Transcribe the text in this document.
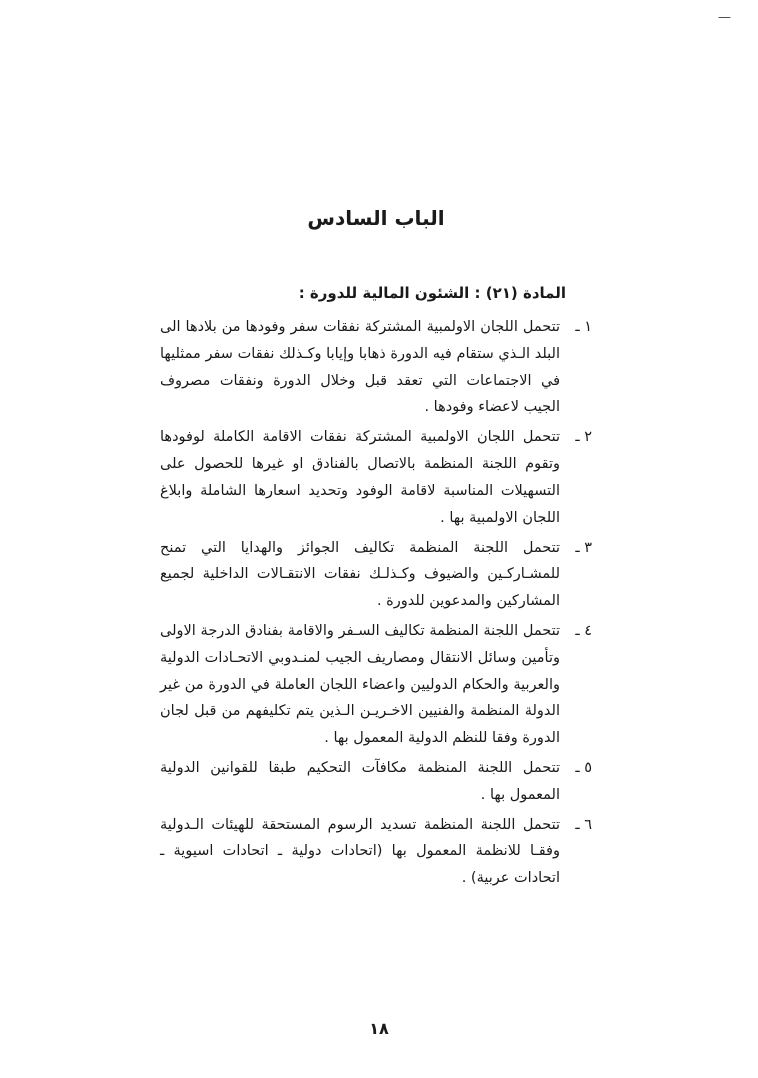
—
الباب السادس
المادة (٢١) : الشئون المالية للدورة :
١ ـ
تتحمل اللجان الاولمبية المشتركة نفقات سفر وفودها من بلادها الى البلد الـذي ستقام فيه الدورة ذهابا وإيابا وكـذلك نفقات سفر ممثليها في الاجتماعات التي تعقد قبل وخلال الدورة ونفقات مصروف الجيب لاعضاء وفودها .
٢ ـ
تتحمل اللجان الاولمبية المشتركة نفقات الاقامة الكاملة لوفودها وتقوم اللجنة المنظمة بالاتصال بالفنادق او غيرها للحصول على التسهيلات المناسبة لاقامة الوفود وتحديد اسعارها الشاملة وابلاغ اللجان الاولمبية بها .
٣ ـ
تتحمل اللجنة المنظمة تكاليف الجوائز والهدايا التي تمنح للمشـاركـين والضيوف وكـذلـك نفقات الانتقـالات الداخلية لجميع المشاركين والمدعوين للدورة .
٤ ـ
تتحمل اللجنة المنظمة تكاليف السـفر والاقامة بفنادق الدرجة الاولى وتأمين وسائل الانتقال ومصاريف الجيب لمنـدوبي الاتحـادات الدولية والعربية والحكام الدوليين واعضاء اللجان العاملة في الدورة من غير الدولة المنظمة والفنيين الاخـريـن الـذين يتم تكليفهم من قبل لجان الدورة وفقا للنظم الدولية المعمول بها .
٥ ـ
تتحمل اللجنة المنظمة مكافآت التحكيم طبقا للقوانين الدولية المعمول بها .
٦ ـ
تتحمل اللجنة المنظمة تسديد الرسوم المستحقة للهيئات الـدولية وفقـا للانظمة المعمول بها (اتحادات دولية ـ اتحادات اسيوية ـ اتحادات عربية) .
١٨
